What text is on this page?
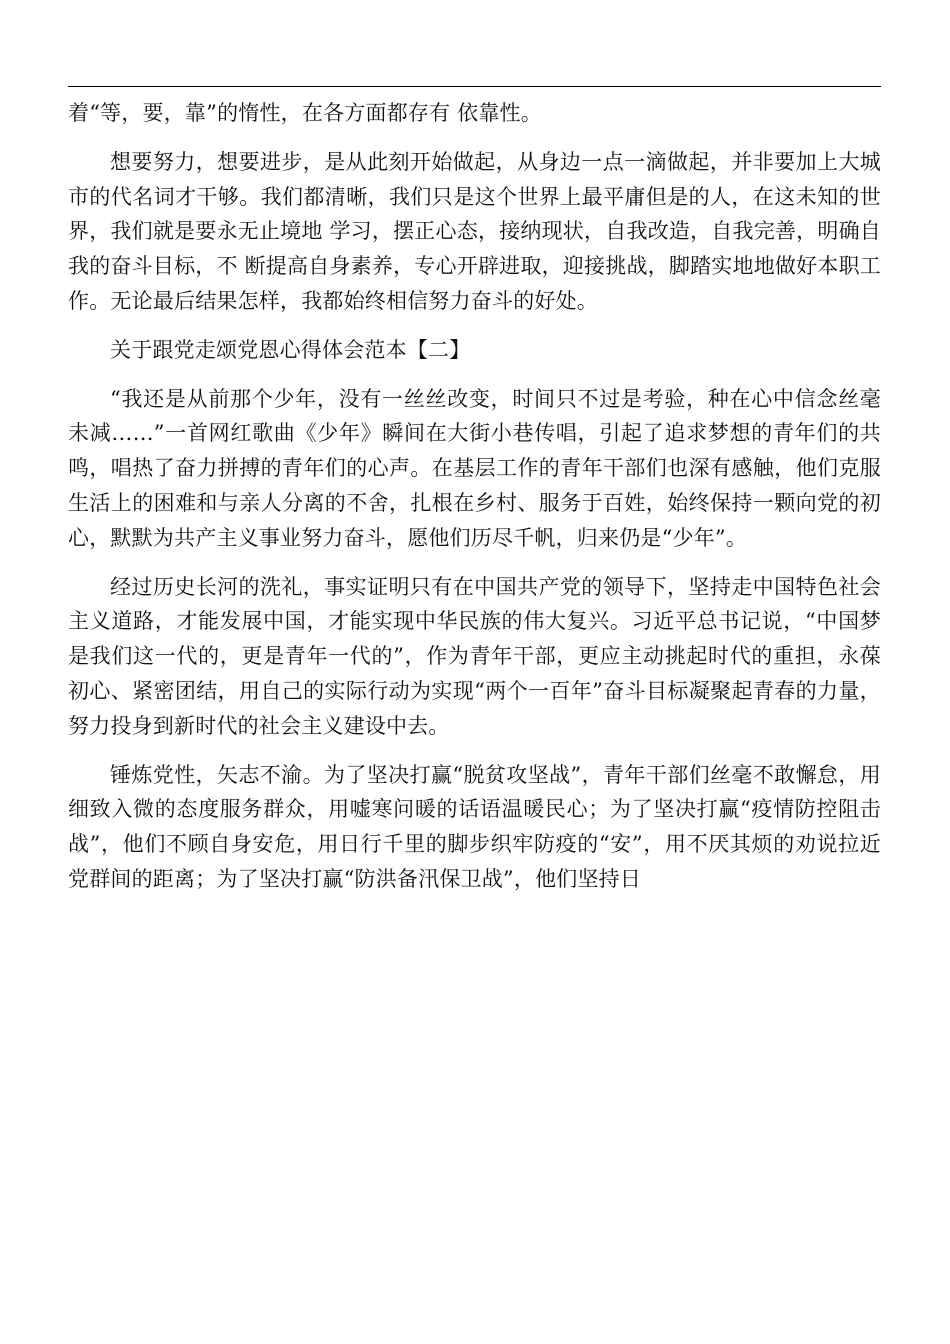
着“等，要，靠”的惰性，在各方面都存有 依靠性。

想要努力，想要进步，是从此刻开始做起，从身边一点一滴做起，并非要加上大城市的代名词才干够。我们都清晰，我们只是这个世界上最平庸但是的人，在这未知的世界，我们就是要永无止境地 学习，摆正心态，接纳现状，自我改造，自我完善，明确自我的奋斗目标，不 断提高自身素养，专心开辟进取，迎接挑战，脚踏实地地做好本职工作。无论最后结果怎样，我都始终相信努力奋斗的好处。

关于跟党走颂党恩心得体会范本【二】

“我还是从前那个少年，没有一丝丝改变，时间只不过是考验，种在心中信念丝毫未减……”一首网红歌曲《少年》瞬间在大街小巷传唱，引起了追求梦想的青年们的共鸣，唱热了奋力拼搏的青年们的心声。在基层工作的青年干部们也深有感触，他们克服生活上的困难和与亲人分离的不舍，扎根在乡村、服务于百姓，始终保持一颗向党的初心，默默为共产主义事业努力奋斗，愿他们历尽千帆，归来仍是“少年”。

经过历史长河的洗礼，事实证明只有在中国共产党的领导下，坚持走中国特色社会主义道路，才能发展中国，才能实现中华民族的伟大复兴。习近平总书记说，“中国梦是我们这一代的，更是青年一代的”，作为青年干部，更应主动挑起时代的重担，永葆初心、紧密团结，用自己的实际行动为实现“两个一百年”奋斗目标凝聚起青春的力量，努力投身到新时代的社会主义建设中去。

锤炼党性，矢志不渝。为了坚决打赢“脱贫攻坚战”，青年干部们丝毫不敢懈怠，用细致入微的态度服务群众，用嘘寒问暖的话语温暖民心；为了坚决打赢“疫情防控阻击战”，他们不顾自身安危，用日行千里的脚步织牢防疫的“安”，用不厌其烦的劝说拉近党群间的距离；为了坚决打赢“防洪备汛保卫战”，他们坚持日
